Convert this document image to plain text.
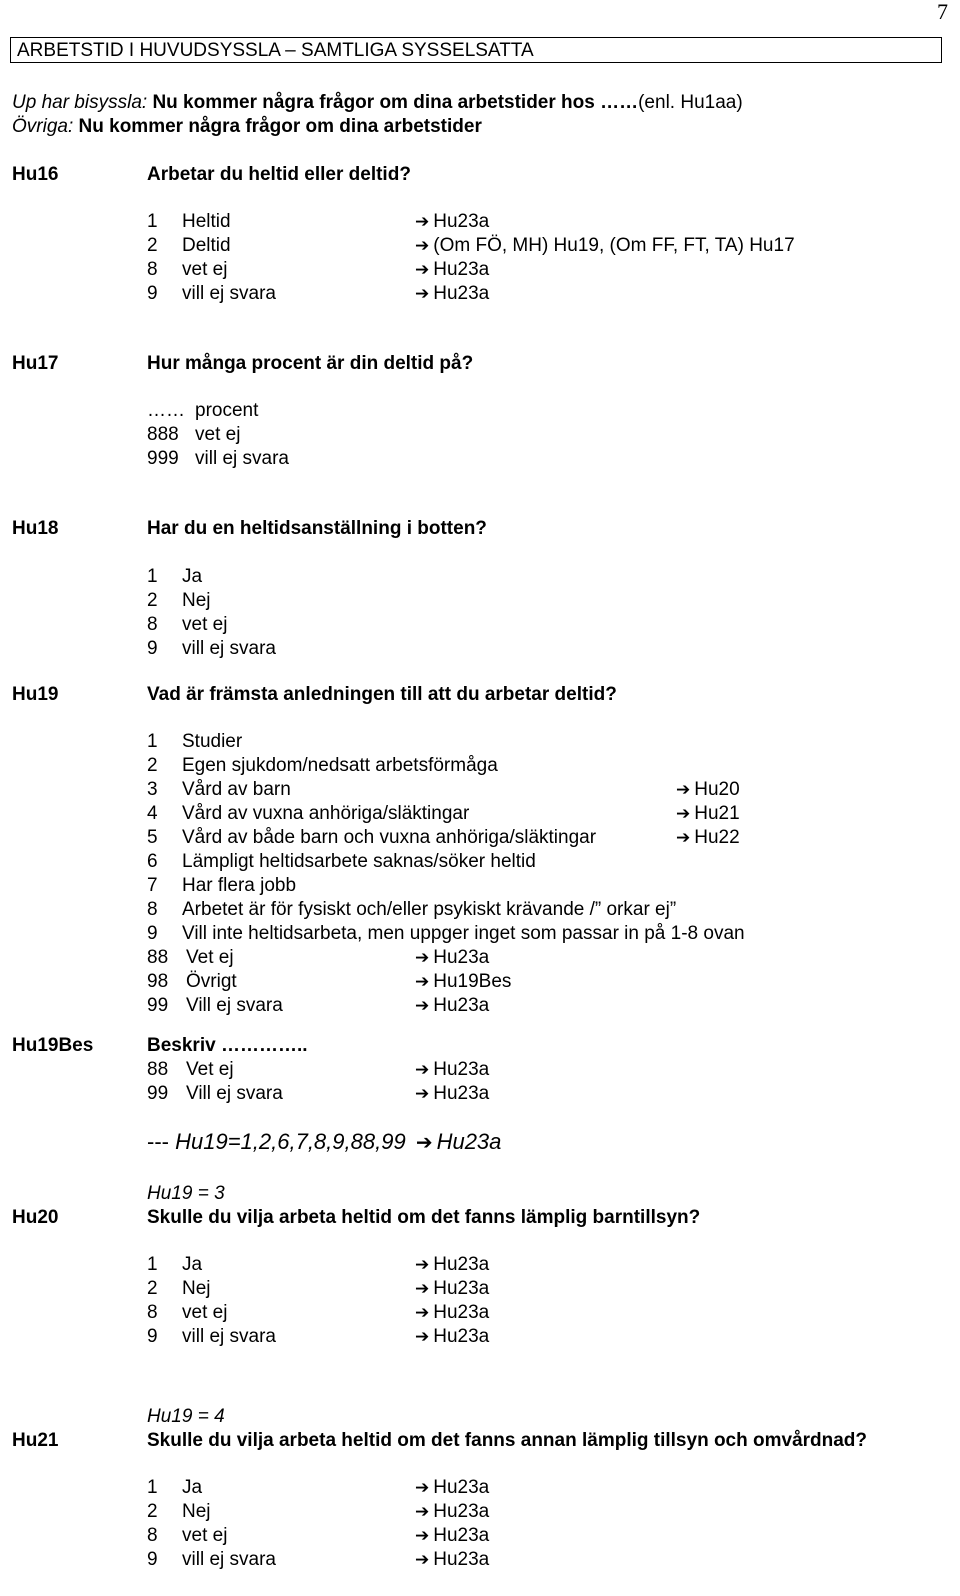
7
ARBETSTID I HUVUDSYSSLA – SAMTLIGA SYSSELSATTA
Up har bisyssla: Nu kommer några frågor om dina arbetstider hos ……(enl. Hu1aa)
Övriga: Nu kommer några frågor om dina arbetstider
Hu16	Arbetar du heltid eller deltid?
1 Heltid	➔ Hu23a
2 Deltid	➔ (Om FÖ, MH) Hu19, (Om FF, FT, TA) Hu17
8 vet ej	➔ Hu23a
9 vill ej svara	➔ Hu23a
Hu17	Hur många procent är din deltid på?
…… procent
888 vet ej
999 vill ej svara
Hu18	Har du en heltidsanställning i botten?
1 Ja
2 Nej
8 vet ej
9 vill ej svara
Hu19	Vad är främsta anledningen till att du arbetar deltid?
1 Studier
2 Egen sjukdom/nedsatt arbetsförmåga
3 Vård av barn	➔ Hu20
4 Vård av vuxna anhöriga/släktingar	➔ Hu21
5 Vård av både barn och vuxna anhöriga/släktingar	➔ Hu22
6 Lämpligt heltidsarbete saknas/söker heltid
7 Har flera jobb
8 Arbetet är för fysiskt och/eller psykiskt krävande /” orkar ej”
9 Vill inte heltidsarbeta, men uppger inget som passar in på 1-8 ovan
88 Vet ej	➔ Hu23a
98 Övrigt	➔ Hu19Bes
99 Vill ej svara	➔ Hu23a
Hu19Bes	Beskriv …………..
88 Vet ej	➔ Hu23a
99 Vill ej svara	➔ Hu23a
--- Hu19=1,2,6,7,8,9,88,99 ➔ Hu23a
Hu19 = 3
Hu20	Skulle du vilja arbeta heltid om det fanns lämplig barntillsyn?
1 Ja	➔ Hu23a
2 Nej	➔ Hu23a
8 vet ej	➔ Hu23a
9 vill ej svara	➔ Hu23a
Hu19 = 4
Hu21	Skulle du vilja arbeta heltid om det fanns annan lämplig tillsyn och omvårdnad?
1 Ja	➔ Hu23a
2 Nej	➔ Hu23a
8 vet ej	➔ Hu23a
9 vill ej svara	➔ Hu23a
